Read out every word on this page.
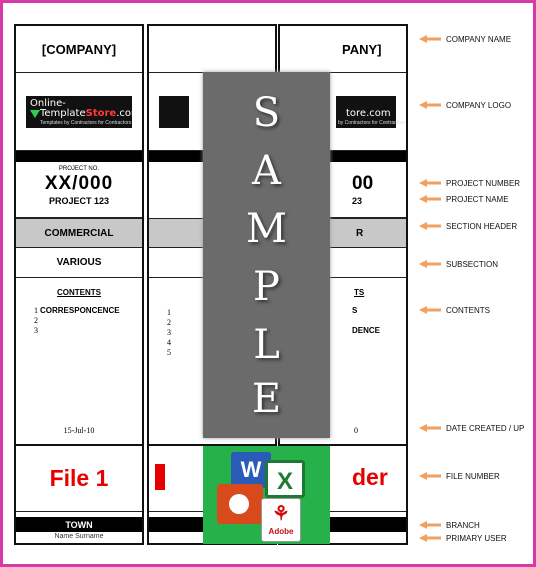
1
2
3
4
5
PANY]
tore.com
by Contractors for Contractors
00
23
R
TS
S
DENCE
0
der
[COMPANY]
Online-
TemplateStore.com
Templates by Contractors for Contractors
PROJECT NO.
XX/000
PROJECT 123
COMMERCIAL
VARIOUS
CONTENTS
1 CORRESPONCENCE
2
3
15-Jul-10
File 1
TOWN
Name Surname
S
A
M
P
L
E
W X
⚘
Adobe
COMPANY NAME
COMPANY LOGO
PROJECT NUMBER
PROJECT NAME
SECTION HEADER
SUBSECTION
CONTENTS
DATE CREATED / UP
FILE NUMBER
BRANCH
PRIMARY USER
